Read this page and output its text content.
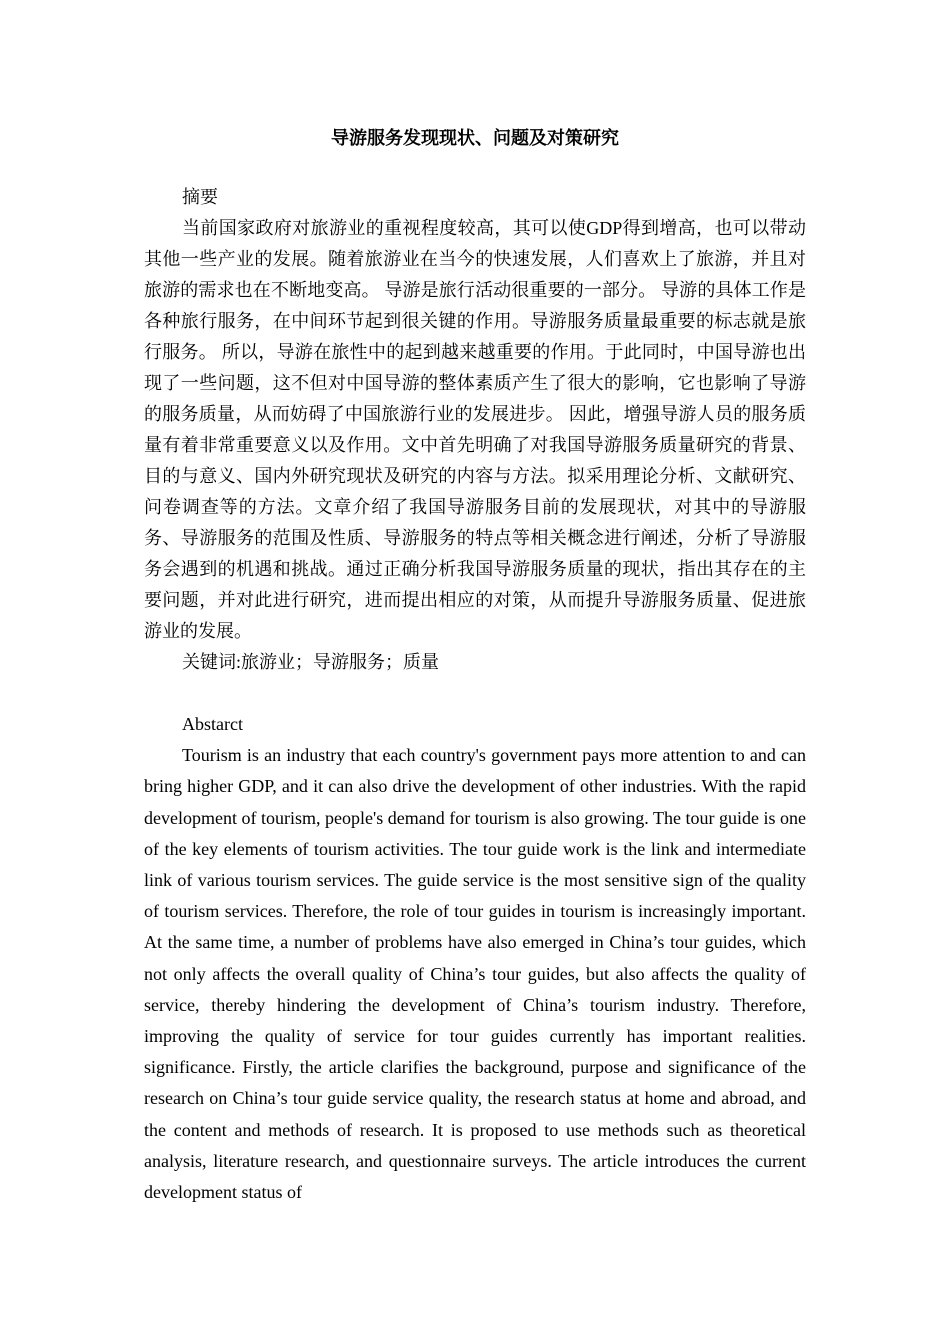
导游服务发现现状、问题及对策研究

摘要

当前国家政府对旅游业的重视程度较高，其可以使GDP得到增高，也可以带动其他一些产业的发展。随着旅游业在当今的快速发展，人们喜欢上了旅游，并且对旅游的需求也在不断地变高。 导游是旅行活动很重要的一部分。 导游的具体工作是各种旅行服务，在中间环节起到很关键的作用。导游服务质量最重要的标志就是旅行服务。 所以，导游在旅性中的起到越来越重要的作用。于此同时，中国导游也出现了一些问题，这不但对中国导游的整体素质产生了很大的影响，它也影响了导游的服务质量，从而妨碍了中国旅游行业的发展进步。 因此，增强导游人员的服务质量有着非常重要意义以及作用。文中首先明确了对我国导游服务质量研究的背景、目的与意义、国内外研究现状及研究的内容与方法。拟采用理论分析、文献研究、问卷调查等的方法。文章介绍了我国导游服务目前的发展现状，对其中的导游服务、导游服务的范围及性质、导游服务的特点等相关概念进行阐述，分析了导游服务会遇到的机遇和挑战。通过正确分析我国导游服务质量的现状，指出其存在的主要问题，并对此进行研究，进而提出相应的对策，从而提升导游服务质量、促进旅游业的发展。

关键词:旅游业；导游服务；质量

Abstarct

Tourism is an industry that each country's government pays more attention to and can bring higher GDP, and it can also drive the development of other industries. With the rapid development of tourism, people's demand for tourism is also growing. The tour guide is one of the key elements of tourism activities. The tour guide work is the link and intermediate link of various tourism services. The guide service is the most sensitive sign of the quality of tourism services. Therefore, the role of tour guides in tourism is increasingly important. At the same time, a number of problems have also emerged in China’s tour guides, which not only affects the overall quality of China’s tour guides, but also affects the quality of service, thereby hindering the development of China’s tourism industry. Therefore, improving the quality of service for tour guides currently has important realities. significance. Firstly, the article clarifies the background, purpose and significance of the research on China’s tour guide service quality, the research status at home and abroad, and the content and methods of research. It is proposed to use methods such as theoretical analysis, literature research, and questionnaire surveys. The article introduces the current development status of
